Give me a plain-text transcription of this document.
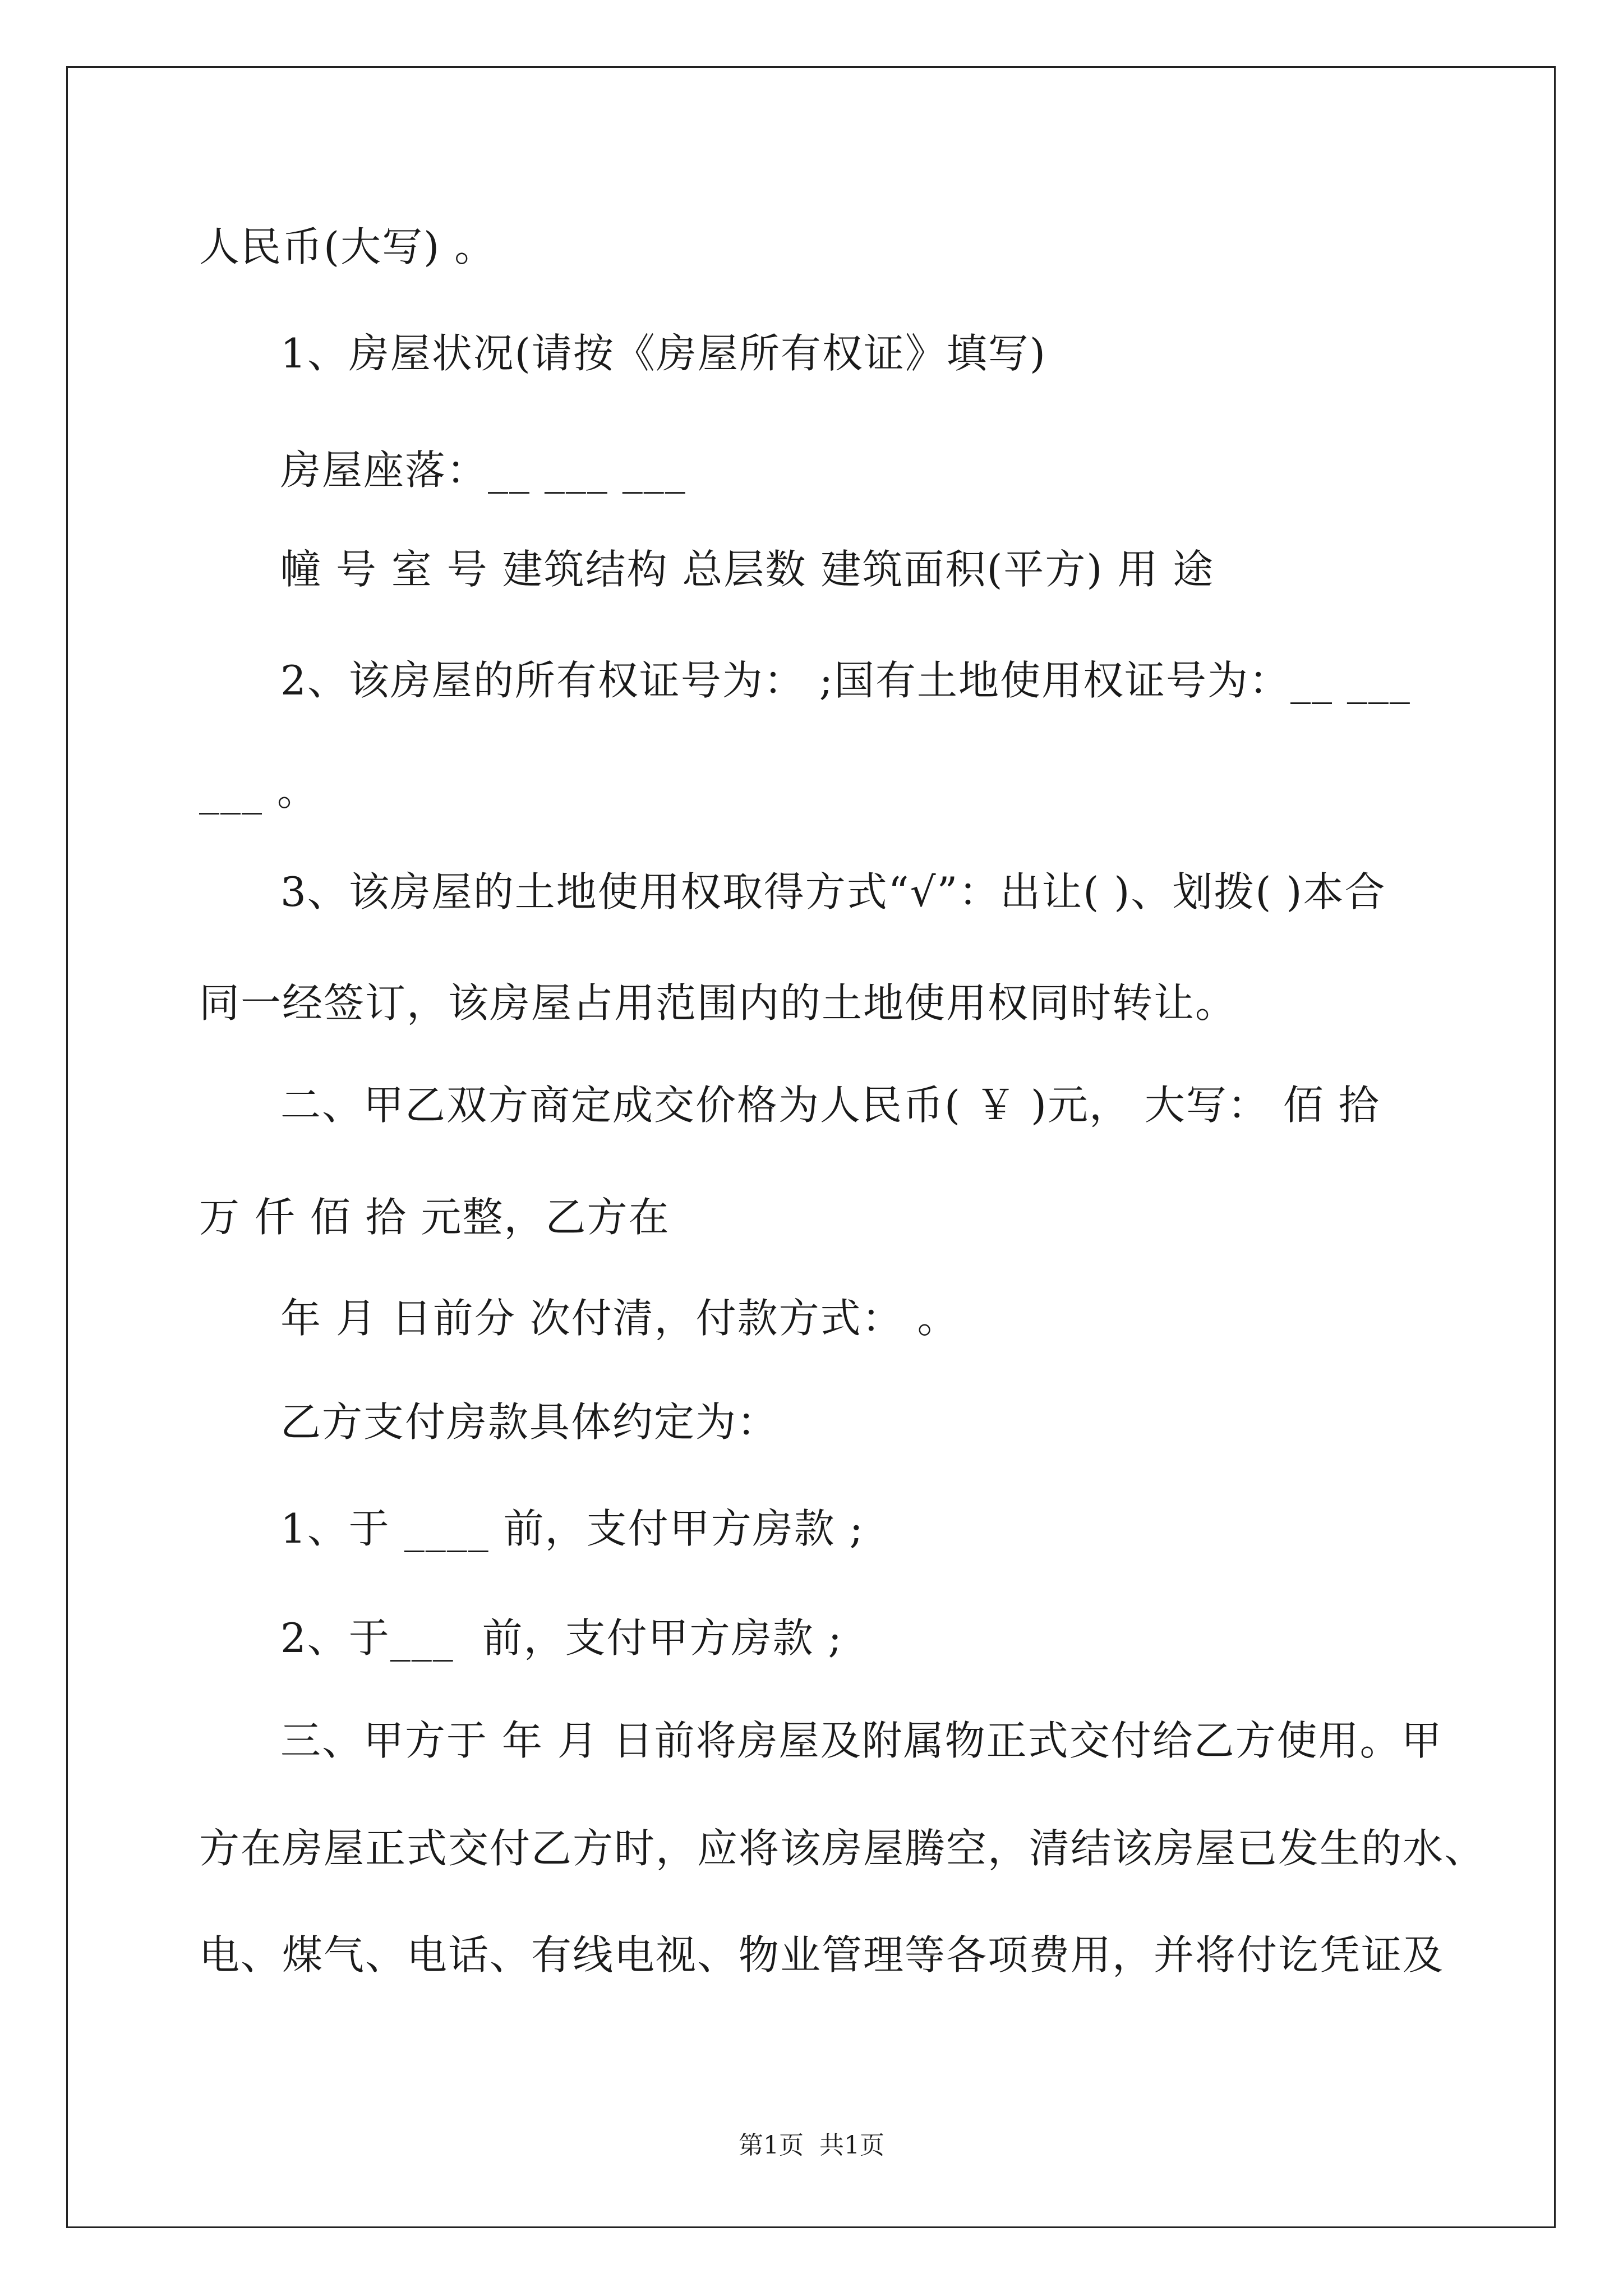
人民币(大写) 。
1、房屋状况(请按《房屋所有权证》填写)
房屋座落：__ ___ ___
幢 号 室 号 建筑结构 总层数 建筑面积(平方) 用 途
2、该房屋的所有权证号为： ;国有土地使用权证号为：__ ___
___ 。
3、该房屋的土地使用权取得方式“√”：出让( )、划拨( )本合
同一经签订，该房屋占用范围内的土地使用权同时转让。
二、甲乙双方商定成交价格为人民币( ￥ )元， 大写： 佰 拾
万 仟 佰 拾 元整，乙方在
年 月 日前分 次付清，付款方式： 。
乙方支付房款具体约定为：
1、于 ____ 前，支付甲方房款 ;
2、于___  前，支付甲方房款 ;
三、甲方于 年 月 日前将房屋及附属物正式交付给乙方使用。甲
方在房屋正式交付乙方时，应将该房屋腾空，清结该房屋已发生的水、
电、煤气、电话、有线电视、物业管理等各项费用，并将付讫凭证及
第1页  共1页
